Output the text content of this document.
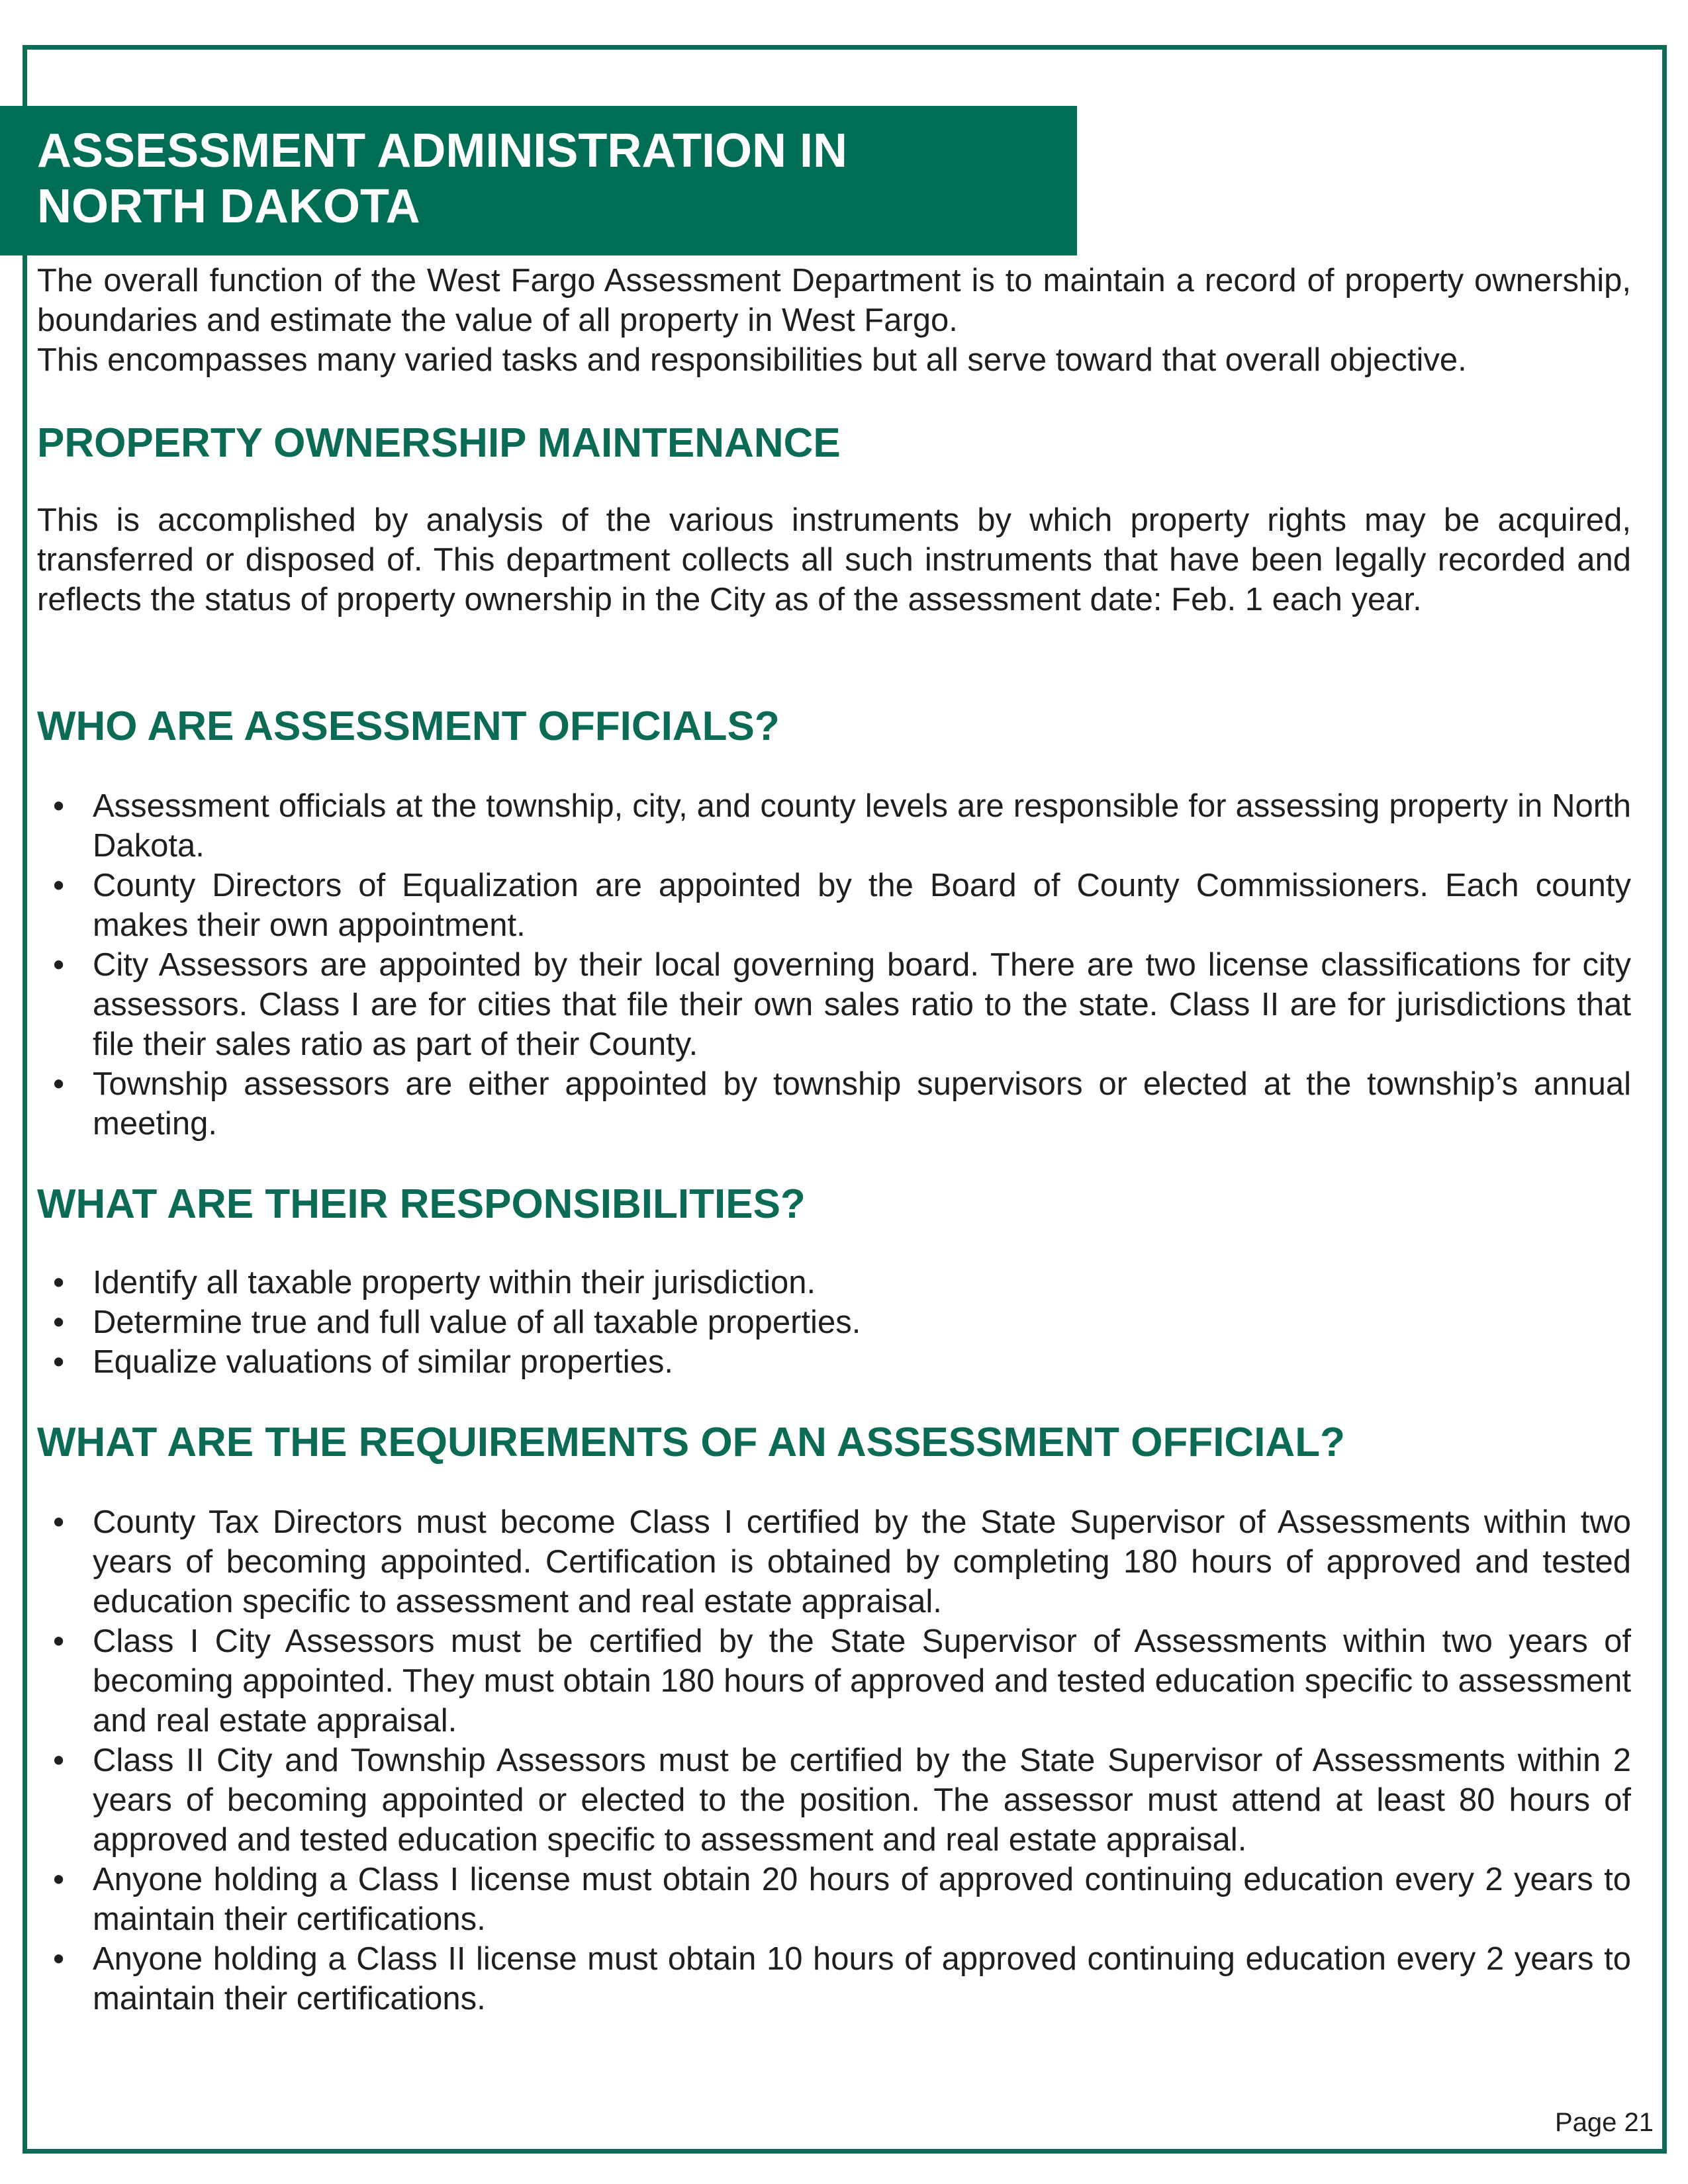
ASSESSMENT ADMINISTRATION IN
NORTH DAKOTA

The overall function of the West Fargo Assessment Department is to maintain a record of property ownership, boundaries and estimate the value of all property in West Fargo.

This encompasses many varied tasks and responsibilities but all serve toward that overall objective.

PROPERTY OWNERSHIP MAINTENANCE

This is accomplished by analysis of the various instruments by which property rights may be acquired, transferred or disposed of. This department collects all such instruments that have been legally recorded and reflects the status of property ownership in the City as of the assessment date: Feb. 1 each year.

WHO ARE ASSESSMENT OFFICIALS?
• Assessment officials at the township, city, and county levels are responsible for assessing property in North Dakota.
• County Directors of Equalization are appointed by the Board of County Commissioners. Each county makes their own appointment.
• City Assessors are appointed by their local governing board. There are two license classifications for city assessors. Class I are for cities that file their own sales ratio to the state. Class II are for jurisdictions that file their sales ratio as part of their County.
• Township assessors are either appointed by township supervisors or elected at the township’s annual meeting.
WHAT ARE THEIR RESPONSIBILITIES?
• Identify all taxable property within their jurisdiction.
• Determine true and full value of all taxable properties.
• Equalize valuations of similar properties.
WHAT ARE THE REQUIREMENTS OF AN ASSESSMENT OFFICIAL?
• County Tax Directors must become Class I certified by the State Supervisor of Assessments within two years of becoming appointed. Certification is obtained by completing 180 hours of approved and tested education specific to assessment and real estate appraisal.
• Class I City Assessors must be certified by the State Supervisor of Assessments within two years of becoming appointed. They must obtain 180 hours of approved and tested education specific to assessment and real estate appraisal.
• Class II City and Township Assessors must be certified by the State Supervisor of Assessments within 2 years of becoming appointed or elected to the position. The assessor must attend at least 80 hours of approved and tested education specific to assessment and real estate appraisal.
• Anyone holding a Class I license must obtain 20 hours of approved continuing education every 2 years to maintain their certifications.
• Anyone holding a Class II license must obtain 10 hours of approved continuing education every 2 years to maintain their certifications.
Page 21
